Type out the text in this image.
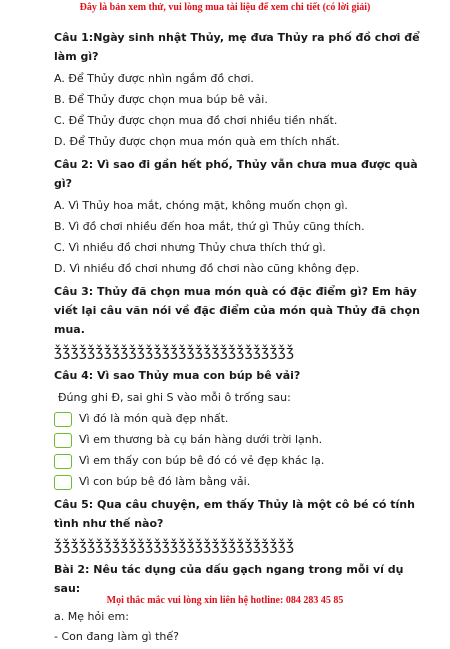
Đây là bản xem thử, vui lòng mua tài liệu để xem chi tiết (có lời giải)
Câu 1:Ngày sinh nhật Thủy, mẹ đưa Thủy ra phố đồ chơi để làm gì?
A. Để Thủy được nhìn ngắm đồ chơi.
B. Để Thủy được chọn mua búp bê vải.
C. Để Thủy được chọn mua đồ chơi nhiều tiền nhất.
D. Để Thủy được chọn mua món quà em thích nhất.
Câu 2: Vì sao đi gần hết phố, Thủy vẫn chưa mua được quà gì?
A. Vì Thủy hoa mắt, chóng mặt, không muốn chọn gì.
B. Vì đồ chơi nhiều đến hoa mắt, thứ gì Thủy cũng thích.
C. Vì nhiều đồ chơi nhưng Thủy chưa thích thứ gì.
D. Vì nhiều đồ chơi nhưng đồ chơi nào cũng không đẹp.
Câu 3: Thủy đã chọn mua món quà có đặc điểm gì? Em hãy viết lại câu văn nói về đặc điểm của món quà Thủy đã chọn mua.
ǯǯǯǯǯǯǯǯǯǯǯǯǯǯǯǯǯǯǯǯǯǯǯǯǯǯǯǯǯ
Câu 4: Vì sao Thủy mua con búp bê vải?
Đúng ghi Đ, sai ghi S vào mỗi ô trống sau:
Vì đó là món quà đẹp nhất.
Vì em thương bà cụ bán hàng dưới trời lạnh.
Vì em thấy con búp bê đó có vẻ đẹp khác lạ.
Vì con búp bê đó làm bằng vải.
Câu 5: Qua câu chuyện, em thấy Thủy là một cô bé có tính tình như thế nào?
ǯǯǯǯǯǯǯǯǯǯǯǯǯǯǯǯǯǯǯǯǯǯǯǯǯǯǯǯǯ
Bài 2: Nêu tác dụng của dấu gạch ngang trong mỗi ví dụ sau:
a. Mẹ hỏi em:
- Con đang làm gì thế?
Mọi thắc mắc vui lòng xin liên hệ hotline: 084 283 45 85
